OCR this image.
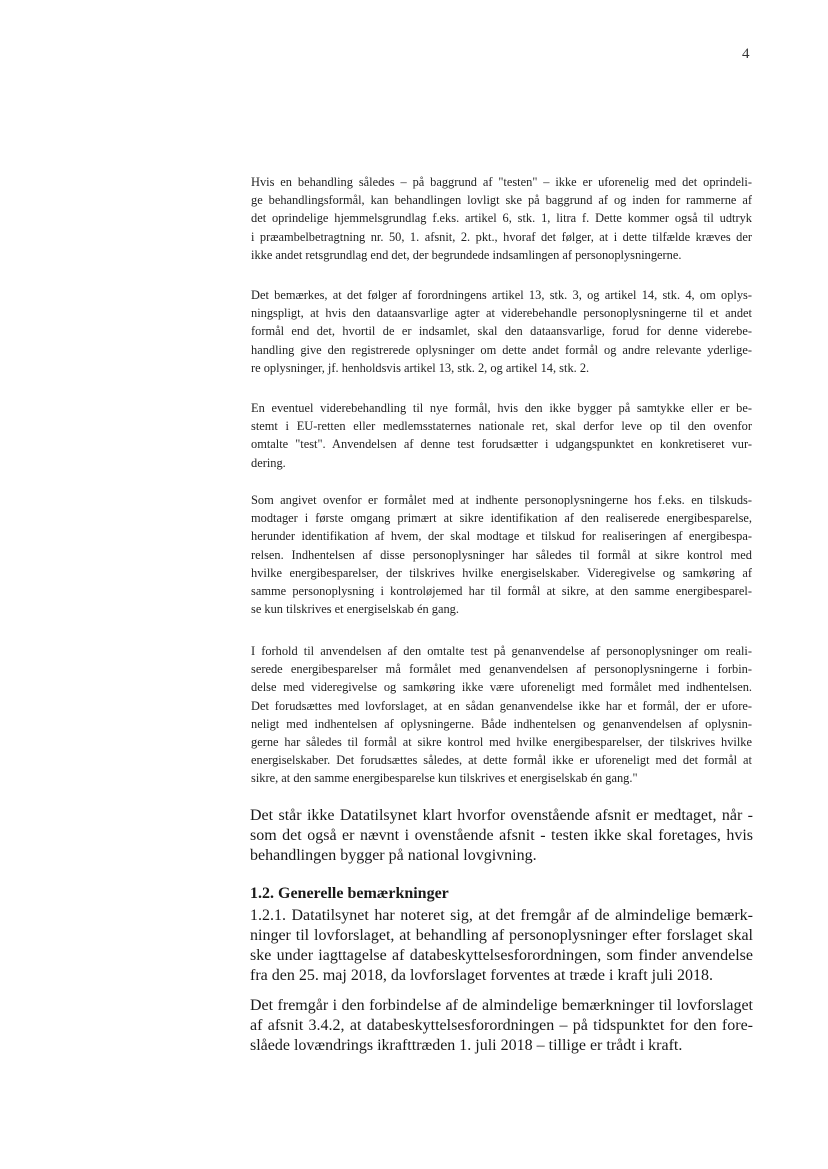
4
Hvis en behandling således – på baggrund af "testen" – ikke er uforenelig med det oprindeli-
ge behandlingsformål, kan behandlingen lovligt ske på baggrund af og inden for rammerne af
det oprindelige hjemmelsgrundlag f.eks. artikel 6, stk. 1, litra f. Dette kommer også til udtryk
i præambelbetragtning nr. 50, 1. afsnit, 2. pkt., hvoraf det følger, at i dette tilfælde kræves der
ikke andet retsgrundlag end det, der begrundede indsamlingen af personoplysningerne.
Det bemærkes, at det følger af forordningens artikel 13, stk. 3, og artikel 14, stk. 4, om oplys-
ningspligt, at hvis den dataansvarlige agter at viderebehandle personoplysningerne til et andet
formål end det, hvortil de er indsamlet, skal den dataansvarlige, forud for denne viderebe-
handling give den registrerede oplysninger om dette andet formål og andre relevante yderlige-
re oplysninger, jf. henholdsvis artikel 13, stk. 2, og artikel 14, stk. 2.
En eventuel viderebehandling til nye formål, hvis den ikke bygger på samtykke eller er be-
stemt i EU-retten eller medlemsstaternes nationale ret, skal derfor leve op til den ovenfor
omtalte "test". Anvendelsen af denne test forudsætter i udgangspunktet en konkretiseret vur-
dering.
Som angivet ovenfor er formålet med at indhente personoplysningerne hos f.eks. en tilskuds-
modtager i første omgang primært at sikre identifikation af den realiserede energibesparelse,
herunder identifikation af hvem, der skal modtage et tilskud for realiseringen af energibespa-
relsen. Indhentelsen af disse personoplysninger har således til formål at sikre kontrol med
hvilke energibesparelser, der tilskrives hvilke energiselskaber. Videregivelse og samkøring af
samme personoplysning i kontroløjemed har til formål at sikre, at den samme energibesparel-
se kun tilskrives et energiselskab én gang.
I forhold til anvendelsen af den omtalte test på genanvendelse af personoplysninger om reali-
serede energibesparelser må formålet med genanvendelsen af personoplysningerne i forbin-
delse med videregivelse og samkøring ikke være uforeneligt med formålet med indhentelsen.
Det forudsættes med lovforslaget, at en sådan genanvendelse ikke har et formål, der er ufore-
neligt med indhentelsen af oplysningerne. Både indhentelsen og genanvendelsen af oplysnin-
gerne har således til formål at sikre kontrol med hvilke energibesparelser, der tilskrives hvilke
energiselskaber. Det forudsættes således, at dette formål ikke er uforeneligt med det formål at
sikre, at den samme energibesparelse kun tilskrives et energiselskab én gang."
Det står ikke Datatilsynet klart hvorfor ovenstående afsnit er medtaget, når -
som det også er nævnt i ovenstående afsnit - testen ikke skal foretages, hvis
behandlingen bygger på national lovgivning.
1.2. Generelle bemærkninger
1.2.1. Datatilsynet har noteret sig, at det fremgår af de almindelige bemærk-
ninger til lovforslaget, at behandling af personoplysninger efter forslaget skal
ske under iagttagelse af databeskyttelsesforordningen, som finder anvendelse
fra den 25. maj 2018, da lovforslaget forventes at træde i kraft juli 2018.
Det fremgår i den forbindelse af de almindelige bemærkninger til lovforslaget
af afsnit 3.4.2, at databeskyttelsesforordningen – på tidspunktet for den fore-
slåede lovændrings ikrafttræden 1. juli 2018 – tillige er trådt i kraft.
